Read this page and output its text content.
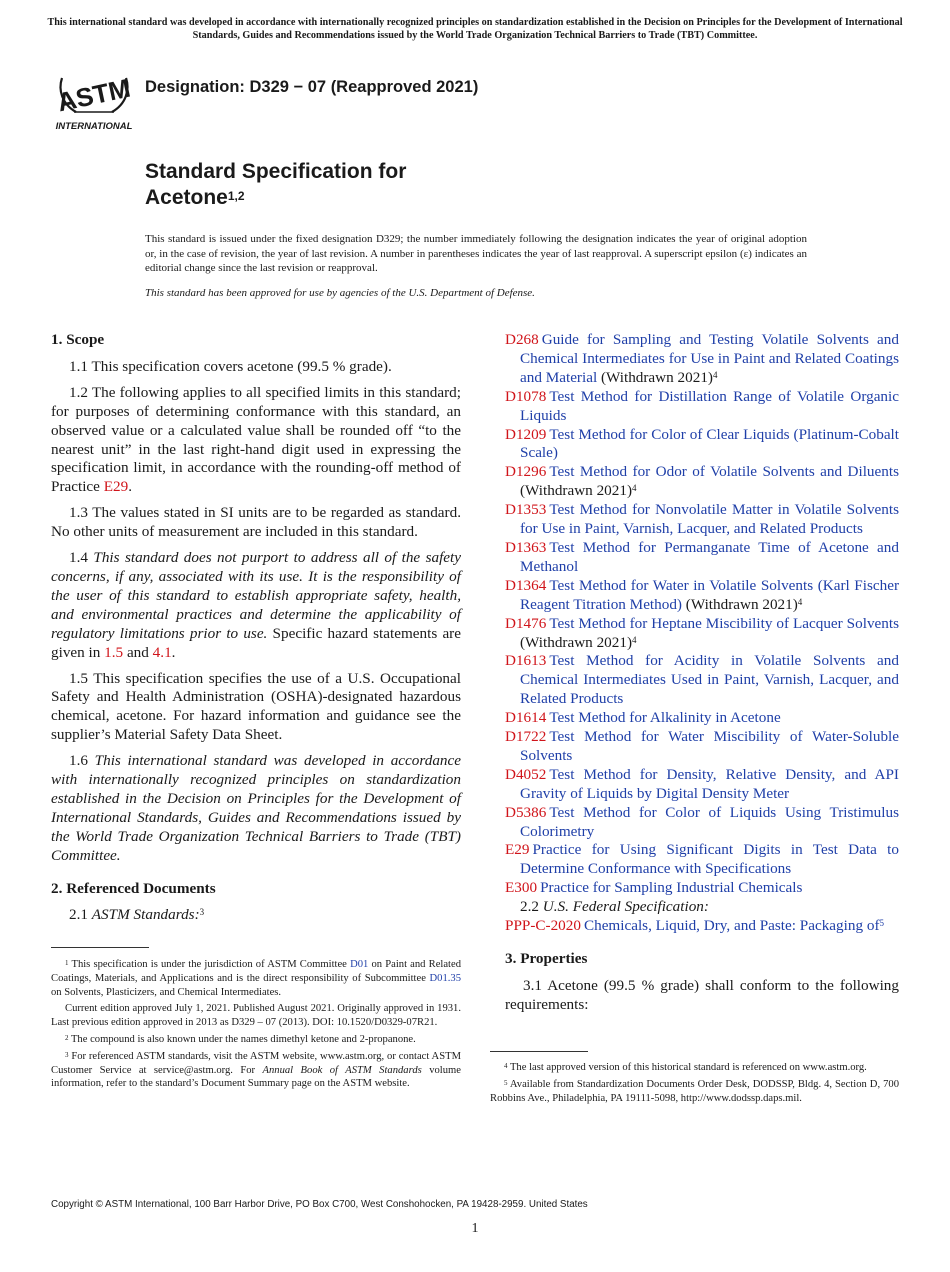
This international standard was developed in accordance with internationally recognized principles on standardization established in the Decision on Principles for the Development of International Standards, Guides and Recommendations issued by the World Trade Organization Technical Barriers to Trade (TBT) Committee.
ASTM
INTERNATIONAL
Designation: D329 − 07 (Reapproved 2021)
Standard Specification for
Acetone$^{1,2}$
This standard is issued under the fixed designation D329; the number immediately following the designation indicates the year of original adoption or, in the case of revision, the year of last revision. A number in parentheses indicates the year of last reapproval. A superscript epsilon (ε) indicates an editorial change since the last revision or reapproval.
This standard has been approved for use by agencies of the U.S. Department of Defense.

1. Scope

1.1 This specification covers acetone (99.5 % grade).

1.2 The following applies to all specified limits in this standard; for purposes of determining conformance with this standard, an observed value or a calculated value shall be rounded off “to the nearest unit” in the last right-hand digit used in expressing the specification limit, in accordance with the rounding-off method of Practice E29.

1.3 The values stated in SI units are to be regarded as standard. No other units of measurement are included in this standard.

1.4 This standard does not purport to address all of the safety concerns, if any, associated with its use. It is the responsibility of the user of this standard to establish appropriate safety, health, and environmental practices and determine the applicability of regulatory limitations prior to use. Specific hazard statements are given in 1.5 and 4.1.

1.5 This specification specifies the use of a U.S. Occupational Safety and Health Administration (OSHA)-designated hazardous chemical, acetone. For hazard information and guidance see the supplier’s Material Safety Data Sheet.

1.6 This international standard was developed in accordance with internationally recognized principles on standardization established in the Decision on Principles for the Development of International Standards, Guides and Recommendations issued by the World Trade Organization Technical Barriers to Trade (TBT) Committee.

2. Referenced Documents

2.1 ASTM Standards:$^3$

$^1$ This specification is under the jurisdiction of ASTM Committee D01 on Paint and Related Coatings, Materials, and Applications and is the direct responsibility of Subcommittee D01.35 on Solvents, Plasticizers, and Chemical Intermediates.

Current edition approved July 1, 2021. Published August 2021. Originally approved in 1931. Last previous edition approved in 2013 as D329 – 07 (2013). DOI: 10.1520/D0329-07R21.

$^2$ The compound is also known under the names dimethyl ketone and 2-propanone.

$^3$ For referenced ASTM standards, visit the ASTM website, www.astm.org, or contact ASTM Customer Service at service@astm.org. For Annual Book of ASTM Standards volume information, refer to the standard’s Document Summary page on the ASTM website.

D268 Guide for Sampling and Testing Volatile Solvents and Chemical Intermediates for Use in Paint and Related Coatings and Material (Withdrawn 2021)$^4$

D1078 Test Method for Distillation Range of Volatile Organic Liquids

D1209 Test Method for Color of Clear Liquids (Platinum-Cobalt Scale)

D1296 Test Method for Odor of Volatile Solvents and Diluents (Withdrawn 2021)$^4$

D1353 Test Method for Nonvolatile Matter in Volatile Solvents for Use in Paint, Varnish, Lacquer, and Related Products

D1363 Test Method for Permanganate Time of Acetone and Methanol

D1364 Test Method for Water in Volatile Solvents (Karl Fischer Reagent Titration Method) (Withdrawn 2021)$^4$

D1476 Test Method for Heptane Miscibility of Lacquer Solvents (Withdrawn 2021)$^4$

D1613 Test Method for Acidity in Volatile Solvents and Chemical Intermediates Used in Paint, Varnish, Lacquer, and Related Products

D1614 Test Method for Alkalinity in Acetone

D1722 Test Method for Water Miscibility of Water-Soluble Solvents

D4052 Test Method for Density, Relative Density, and API Gravity of Liquids by Digital Density Meter

D5386 Test Method for Color of Liquids Using Tristimulus Colorimetry

E29 Practice for Using Significant Digits in Test Data to Determine Conformance with Specifications

E300 Practice for Sampling Industrial Chemicals

2.2 U.S. Federal Specification:

PPP-C-2020 Chemicals, Liquid, Dry, and Paste: Packaging $of^5$

3. Properties

3.1 Acetone (99.5 % grade) shall conform to the following requirements:

$^4$ The last approved version of this historical standard is referenced on www.astm.org.

$^5$ Available from Standardization Documents Order Desk, DODSSP, Bldg. 4, Section D, 700 Robbins Ave., Philadelphia, PA 19111-5098, http://www.dodssp.daps.mil.

Copyright © ASTM International, 100 Barr Harbor Drive, PO Box C700, West Conshohocken, PA 19428-2959. United States
1
